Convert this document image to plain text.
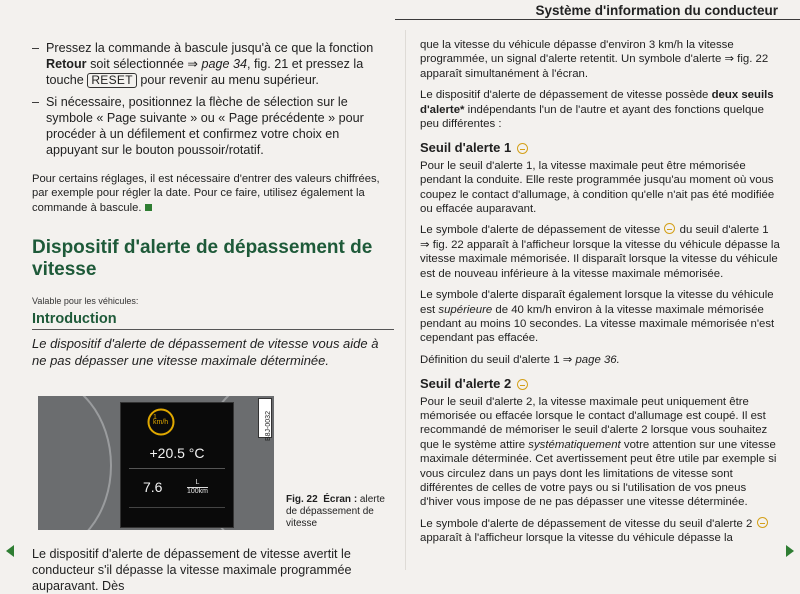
Système d'information du conducteur
– Pressez la commande à bascule jusqu'à ce que la fonction Retour soit sélectionnée ⇒ page 34, fig. 21 et pressez la touche RESET pour revenir au menu supérieur.
– Si nécessaire, positionnez la flèche de sélection sur le symbole « Page suivante » ou « Page précédente » pour procéder à un défilement et confirmez votre choix en appuyant sur le bouton poussoir/rotatif.

Pour certains réglages, il est nécessaire d'entrer des valeurs chiffrées, par exemple pour régler la date. Pour ce faire, utilisez également la commande à bascule.

Dispositif d'alerte de dépassement de vitesse
Valable pour les véhicules:
Introduction
Le dispositif d'alerte de dépassement de vitesse vous aide à ne pas dépasser une vitesse maximale déterminée.
1
km/h
+20.5 °C
7.6	L
100km
B8J-0032
Fig. 22 Écran : alerte de dépassement de vitesse
Le dispositif d'alerte de dépassement de vitesse avertit le conducteur s'il dépasse la vitesse maximale programmée auparavant. Dès

que la vitesse du véhicule dépasse d'environ 3 km/h la vitesse programmée, un signal d'alerte retentit. Un symbole d'alerte ⇒ fig. 22 apparaît simultanément à l'écran.

Le dispositif d'alerte de dépassement de vitesse possède deux seuils d'alerte* indépendants l'un de l'autre et ayant des fonctions quelque peu différentes :

Seuil d'alerte 1

Pour le seuil d'alerte 1, la vitesse maximale peut être mémorisée pendant la conduite. Elle reste programmée jusqu'au moment où vous coupez le contact d'allumage, à condition qu'elle n'ait pas été modifiée ou effacée auparavant.

Le symbole d'alerte de dépassement de vitesse du seuil d'alerte 1 ⇒ fig. 22 apparaît à l'afficheur lorsque la vitesse du véhicule dépasse la vitesse maximale mémorisée. Il disparaît lorsque la vitesse du véhicule est de nouveau inférieure à la vitesse maximale mémorisée.

Le symbole d'alerte disparaît également lorsque la vitesse du véhicule est supérieure de 40 km/h environ à la vitesse maximale mémorisée pendant au moins 10 secondes. La vitesse maximale mémorisée n'est cependant pas effacée.

Définition du seuil d'alerte 1 ⇒ page 36.

Seuil d'alerte 2

Pour le seuil d'alerte 2, la vitesse maximale peut uniquement être mémorisée ou effacée lorsque le contact d'allumage est coupé. Il est recommandé de mémoriser le seuil d'alerte 2 lorsque vous souhaitez que le système attire systématiquement votre attention sur une vitesse maximale déterminée. Cet avertissement peut être utile par exemple si vous circulez dans un pays dont les limitations de vitesse sont différentes de celles de votre pays ou si l'utilisation de vos pneus d'hiver vous impose de ne pas dépasser une vitesse déterminée.

Le symbole d'alerte de dépassement de vitesse du seuil d'alerte 2  apparaît à l'afficheur lorsque la vitesse du véhicule dépasse la
